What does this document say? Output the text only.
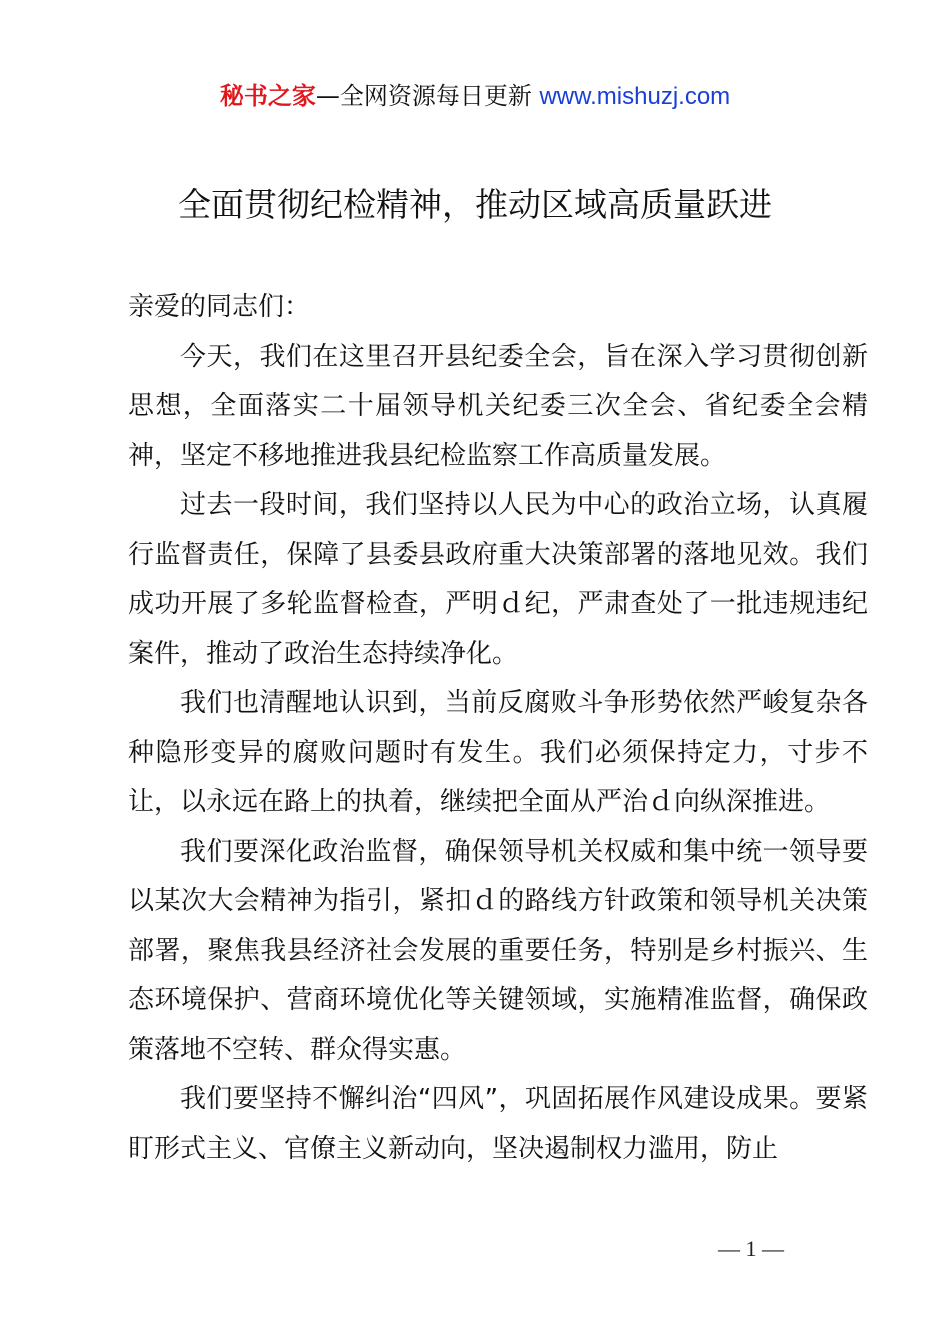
秘书之家—全网资源每日更新 www.mishuzj.com
全面贯彻纪检精神，推动区域高质量跃进

亲爱的同志们：

今天，我们在这里召开县纪委全会，旨在深入学习贯彻创新思想，全面落实二十届领导机关纪委三次全会、省纪委全会精神，坚定不移地推进我县纪检监察工作高质量发展。

过去一段时间，我们坚持以人民为中心的政治立场，认真履行监督责任，保障了县委县政府重大决策部署的落地见效。我们成功开展了多轮监督检查，严明ｄ纪，严肃查处了一批违规违纪案件，推动了政治生态持续净化。

我们也清醒地认识到，当前反腐败斗争形势依然严峻复杂各种隐形变异的腐败问题时有发生。我们必须保持定力，寸步不让，以永远在路上的执着，继续把全面从严治ｄ向纵深推进。

我们要深化政治监督，确保领导机关权威和集中统一领导要以某次大会精神为指引，紧扣ｄ的路线方针政策和领导机关决策部署，聚焦我县经济社会发展的重要任务，特别是乡村振兴、生态环境保护、营商环境优化等关键领域，实施精准监督，确保政策落地不空转、群众得实惠。

我们要坚持不懈纠治“四风”，巩固拓展作风建设成果。要紧盯形式主义、官僚主义新动向，坚决遏制权力滥用，防止

— 1 —
